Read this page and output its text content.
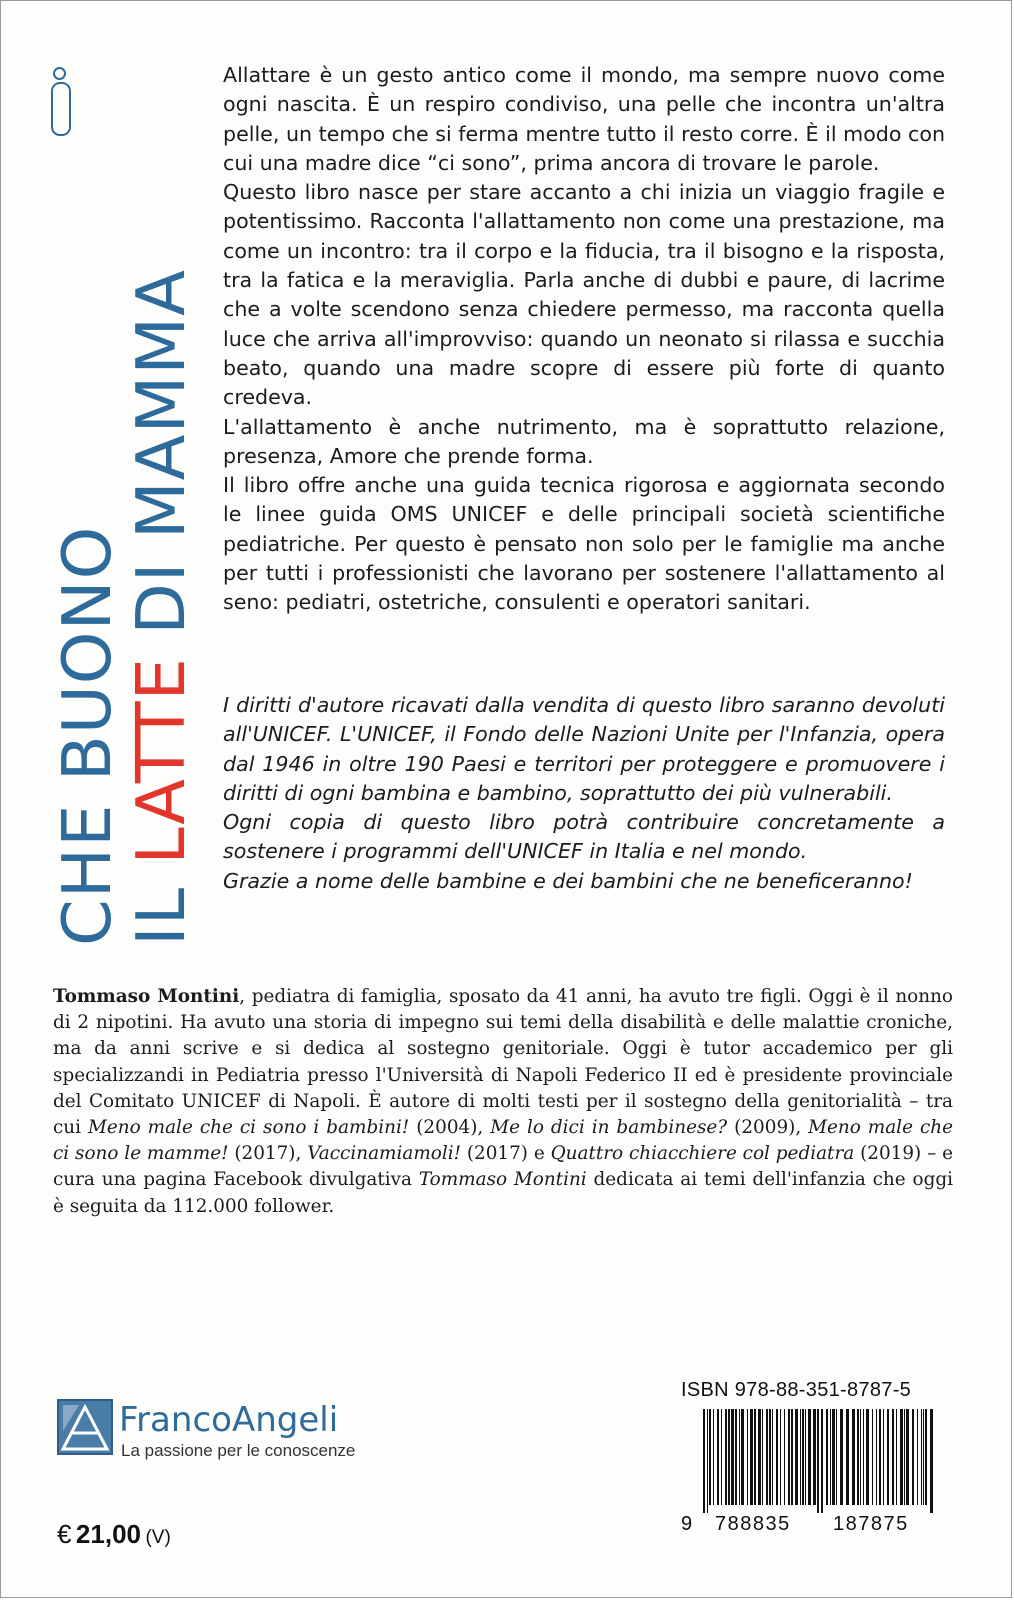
CHE BUONO
IL LATTE DI MAMMA

Allattare è un gesto antico come il mondo, ma sempre nuovo come ogni nascita. È un respiro condiviso, una pelle che incontra un'altra pelle, un tempo che si ferma mentre tutto il resto corre. È il modo con cui una madre dice “ci sono”, prima ancora di trovare le parole.

Questo libro nasce per stare accanto a chi inizia un viaggio fragile e potentissimo. Racconta l'allattamento non come una prestazione, ma come un incontro: tra il corpo e la fiducia, tra il bisogno e la risposta, tra la fatica e la meraviglia. Parla anche di dubbi e paure, di lacrime che a volte scendono senza chiedere permesso, ma racconta quella luce che arriva all'improvviso: quando un neonato si rilassa e succhia beato, quando una madre scopre di essere più forte di quanto credeva.

L'allattamento è anche nutrimento, ma è soprattutto relazione, presenza, Amore che prende forma.

Il libro offre anche una guida tecnica rigorosa e aggiornata secondo le linee guida OMS UNICEF e delle principali società scientifiche pediatriche. Per questo è pensato non solo per le famiglie ma anche per tutti i professionisti che lavorano per sostenere l'allattamento al seno: pediatri, ostetriche, consulenti e operatori sanitari.

I diritti d'autore ricavati dalla vendita di questo libro saranno devoluti all'UNICEF. L'UNICEF, il Fondo delle Nazioni Unite per l'Infanzia, opera dal 1946 in oltre 190 Paesi e territori per proteggere e promuovere i diritti di ogni bambina e bambino, soprattutto dei più vulnerabili.

Ogni copia di questo libro potrà contribuire concretamente a sostenere i programmi dell'UNICEF in Italia e nel mondo.

Grazie a nome delle bambine e dei bambini che ne beneficeranno!

Tommaso Montini, pediatra di famiglia, sposato da 41 anni, ha avuto tre figli. Oggi è il nonno di 2 nipotini. Ha avuto una storia di impegno sui temi della disabilità e delle malattie croniche, ma da anni scrive e si dedica al sostegno genitoriale. Oggi è tutor accademico per gli specializzandi in Pediatria presso l'Università di Napoli Federico II ed è presidente provinciale del Comitato UNICEF di Napoli. È autore di molti testi per il sostegno della genitorialità – tra cui Meno male che ci sono i bambini! (2004), Me lo dici in bambinese? (2009), Meno male che ci sono le mamme! (2017), Vaccinamiamoli! (2017) e Quattro chiacchiere col pediatra (2019) – e cura una pagina Facebook divulgativa Tommaso Montini dedicata ai temi dell'infanzia che oggi è seguita da 112.000 follower.

FrancoAngeli
La passione per le conoscenze
€ 21,00 (V)
ISBN 978-88-351-8787-5
9 788835 187875
